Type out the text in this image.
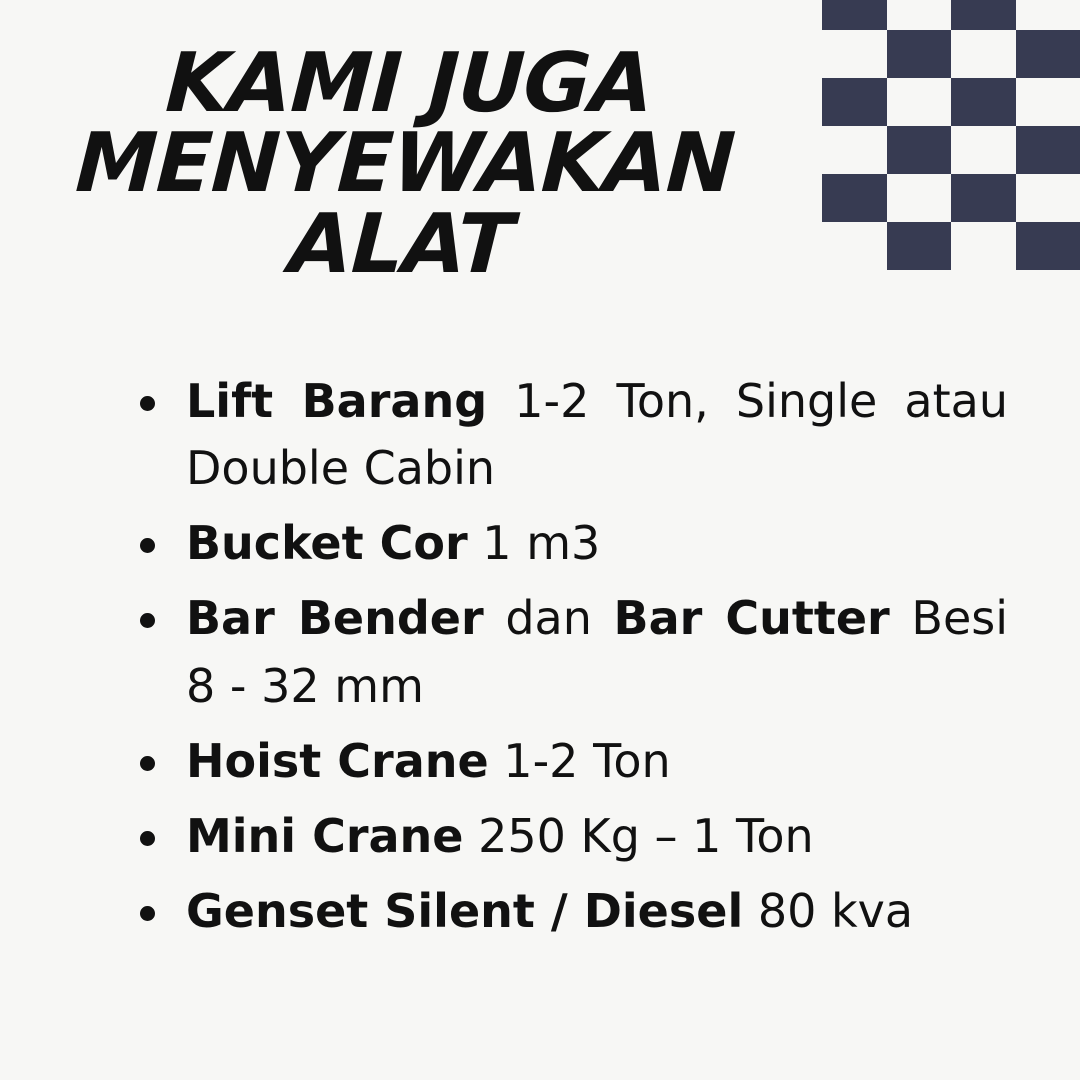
KAMI JUGA
MENYEWAKAN
ALAT
Lift Barang 1-2 Ton, Single atau Double Cabin
Bucket Cor 1 m3
Bar Bender dan Bar Cutter Besi 8 - 32 mm
Hoist Crane 1-2 Ton
Mini Crane 250 Kg – 1 Ton
Genset Silent / Diesel 80 kva
